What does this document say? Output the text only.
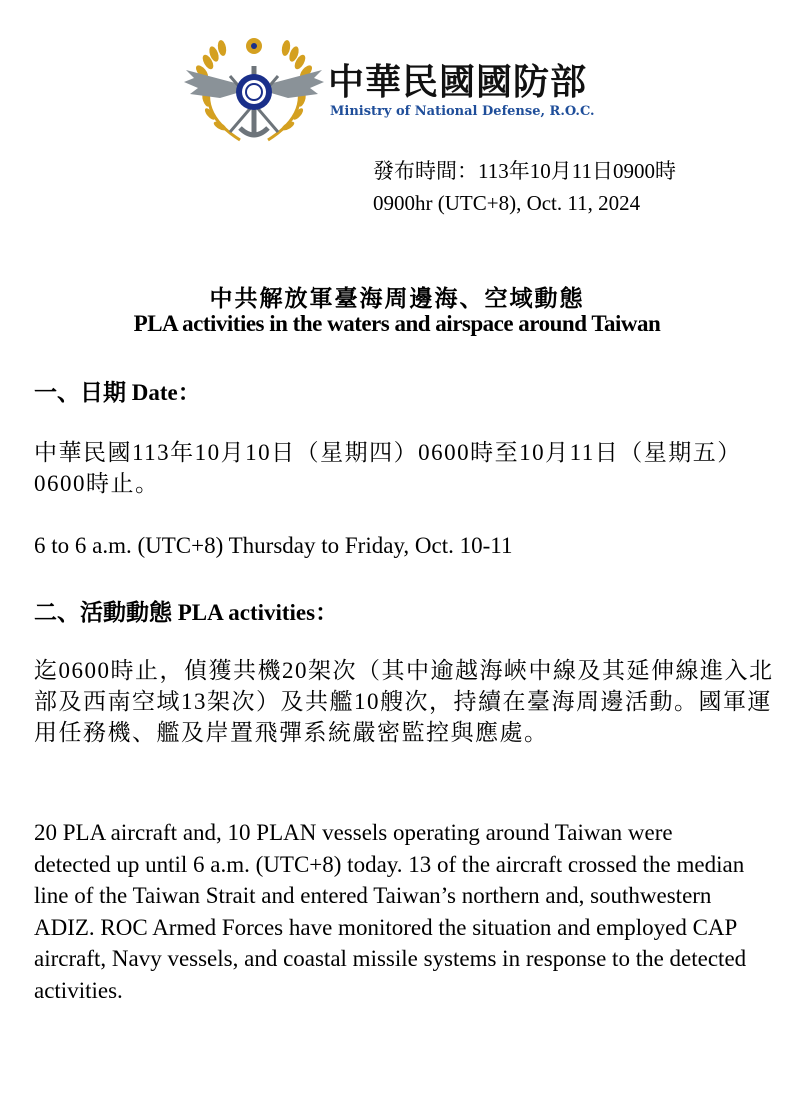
中華民國國防部
Ministry of National Defense, R.O.C.
發布時間：113年10月11日0900時
0900hr (UTC+8), Oct. 11, 2024
中共解放軍臺海周邊海、空域動態
PLA activities in the waters and airspace around Taiwan
一、日期 Date：
中華民國113年10月10日（星期四）0600時至10月11日（星期五）0600時止。
6 to 6 a.m. (UTC+8) Thursday to Friday, Oct. 10-11
二、活動動態 PLA activities：
迄0600時止，偵獲共機20架次（其中逾越海峽中線及其延伸線進入北部及西南空域13架次）及共艦10艘次，持續在臺海周邊活動。國軍運用任務機、艦及岸置飛彈系統嚴密監控與應處。
20 PLA aircraft and, 10 PLAN vessels operating around Taiwan were detected up until 6 a.m. (UTC+8) today. 13 of the aircraft crossed the median line of the Taiwan Strait and entered Taiwan’s northern and, southwestern ADIZ. ROC Armed Forces have monitored the situation and employed CAP aircraft, Navy vessels, and coastal missile systems in response to the detected activities.
